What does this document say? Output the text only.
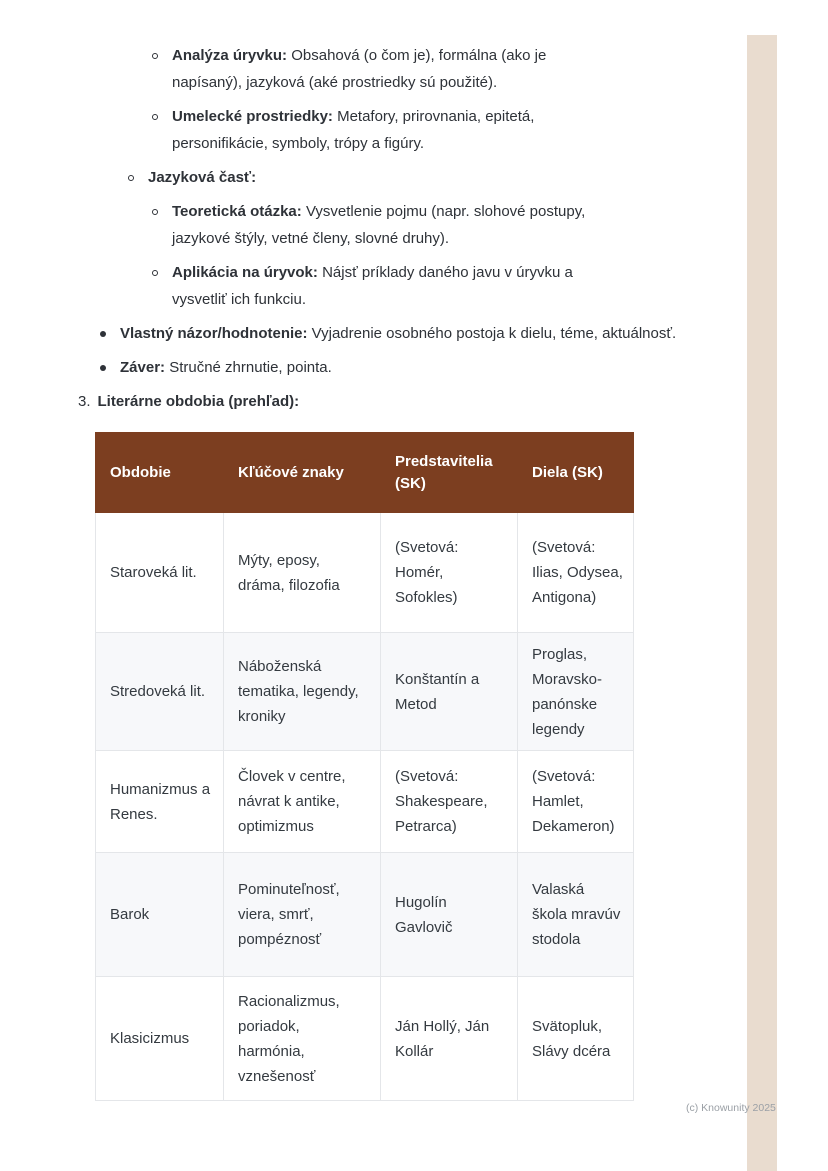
Analýza úryvku: Obsahová (o čom je), formálna (ako je napísaný), jazyková (aké prostriedky sú použité).

Umelecké prostriedky: Metafory, prirovnania, epitetá, personifikácie, symboly, trópy a figúry.

Jazyková časť:

Teoretická otázka: Vysvetlenie pojmu (napr. slohové postupy, jazykové štýly, vetné členy, slovné druhy).

Aplikácia na úryvok: Nájsť príklady daného javu v úryvku a vysvetliť ich funkciu.

Vlastný názor/hodnotenie: Vyjadrenie osobného postoja k dielu, téme, aktuálnosť.

Záver: Stručné zhrnutie, pointa.

3. Literárne obdobia (prehľad):
Obdobie	Kľúčové znaky	Predstavitelia (SK)	Diela (SK)
Staroveká lit.	Mýty, eposy, dráma, filozofia	(Svetová: Homér, Sofokles)	(Svetová: Ilias, Odysea, Antigona)
Stredoveká lit.	Náboženská tematika, legendy, kroniky	Konštantín a Metod	Proglas, Moravsko-panónske legendy
Humanizmus a Renes.	Človek v centre, návrat k antike, optimizmus	(Svetová: Shakespeare, Petrarca)	(Svetová: Hamlet, Dekameron)
Barok	Pominuteľnosť, viera, smrť, pompéznosť	Hugolín Gavlovič	Valaská škola mravúv stodola
Klasicizmus	Racionalizmus, poriadok, harmónia, vznešenosť	Ján Hollý, Ján Kollár	Svätopluk, Slávy dcéra
(c) Knowunity 2025
